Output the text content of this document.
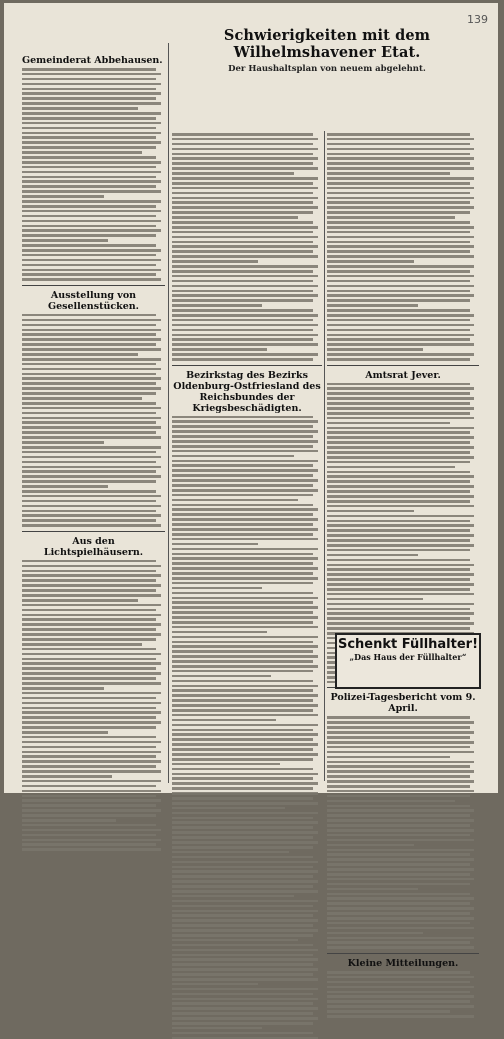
139
Schwierigkeiten mit dem Wilhelmshavener Etat.
Der Haushaltsplan von neuem abgelehnt.
Gemeinderat Abbehausen.
Ausstellung von Gesellenstücken.
Aus den Lichtspielhäusern.
Bezirkstag des Bezirks Oldenburg-Ostfriesland des Reichsbundes der Kriegsbeschädigten.
Amtsrat Jever.
Polizei-Tagesbericht vom 9. April.
Kleine Mitteilungen.
Schenkt Füllhalter!
„Das Haus der Füllhalter“
